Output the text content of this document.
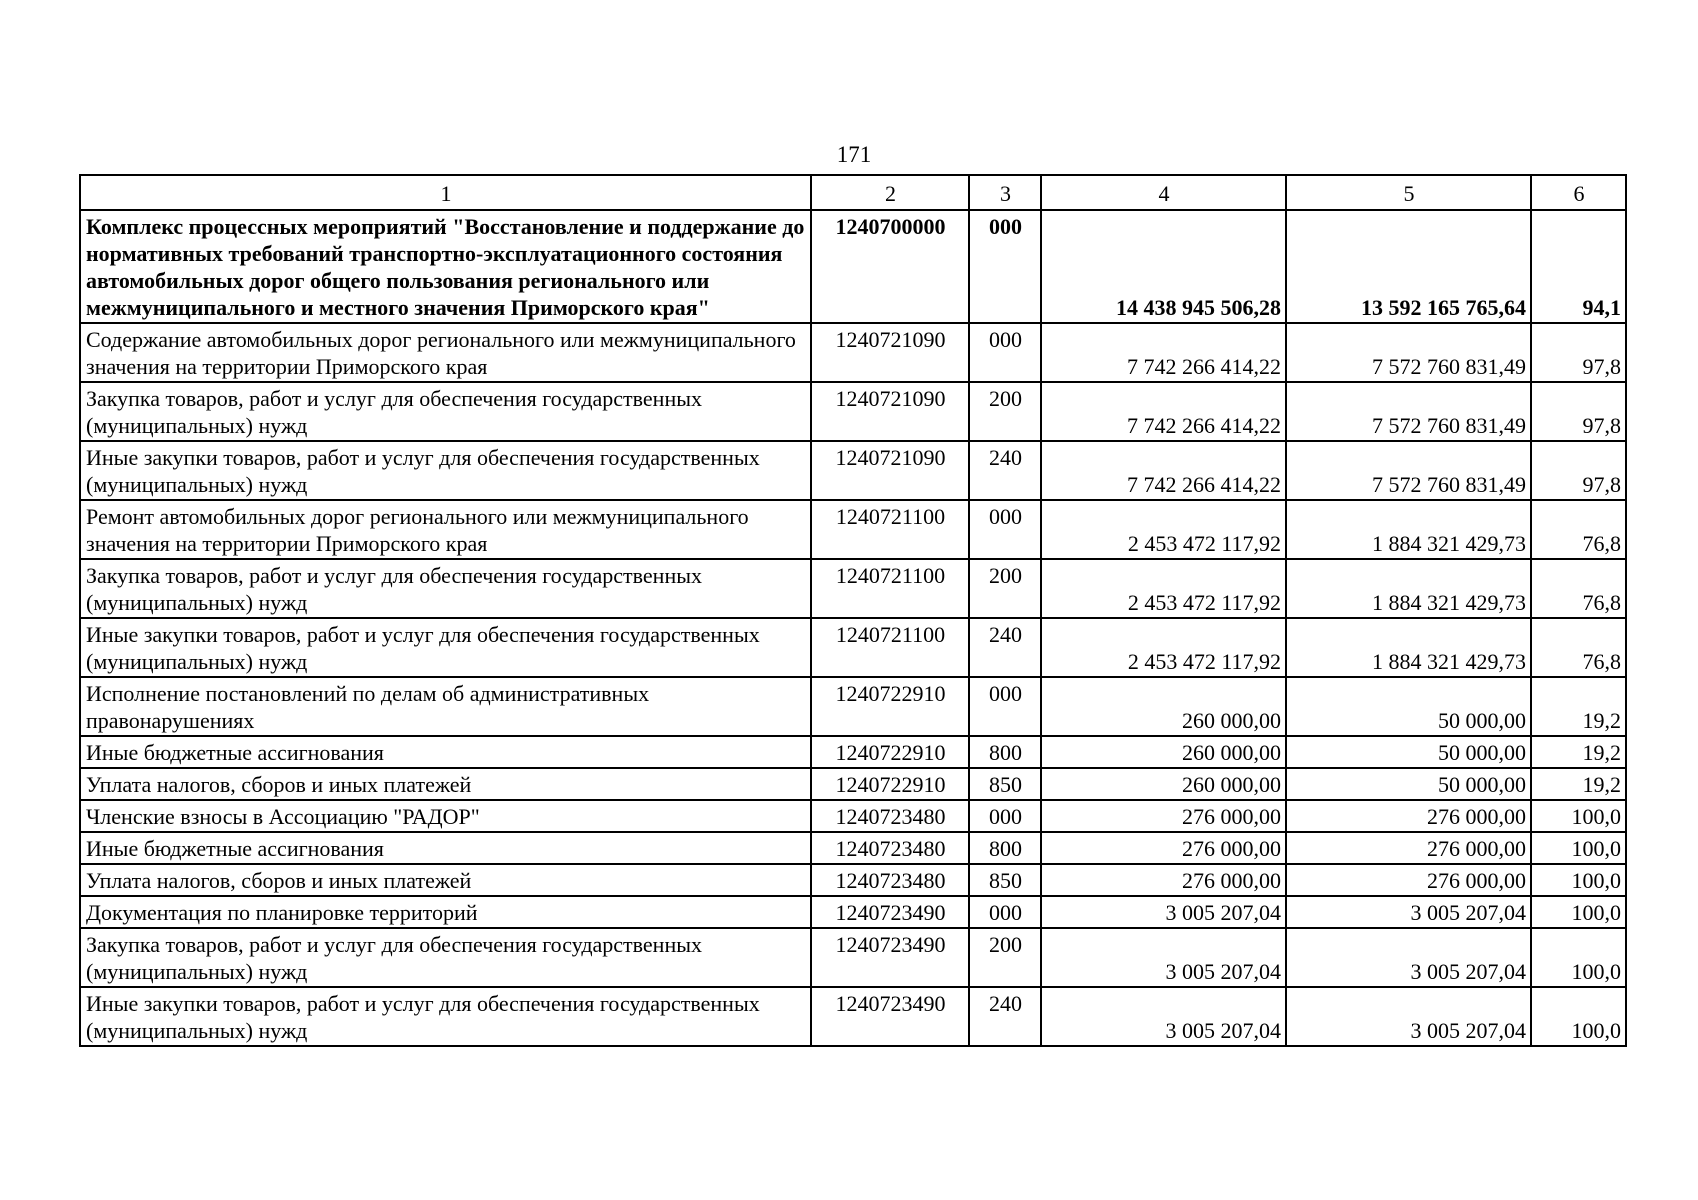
171
1	2	3	4	5	6
Комплекс процессных мероприятий "Восстановление и поддержание до нормативных требований транспортно-эксплуатационного состояния автомобильных дорог общего пользования регионального или межмуниципального и местного значения Приморского края"	1240700000	000	14 438 945 506,28	13 592 165 765,64	94,1
Содержание автомобильных дорог регионального или межмуниципального значения на территории Приморского края	1240721090	000	7 742 266 414,22	7 572 760 831,49	97,8
Закупка товаров, работ и услуг для обеспечения государственных (муниципальных) нужд	1240721090	200	7 742 266 414,22	7 572 760 831,49	97,8
Иные закупки товаров, работ и услуг для обеспечения государственных (муниципальных) нужд	1240721090	240	7 742 266 414,22	7 572 760 831,49	97,8
Ремонт автомобильных дорог регионального или межмуниципального значения на территории Приморского края	1240721100	000	2 453 472 117,92	1 884 321 429,73	76,8
Закупка товаров, работ и услуг для обеспечения государственных (муниципальных) нужд	1240721100	200	2 453 472 117,92	1 884 321 429,73	76,8
Иные закупки товаров, работ и услуг для обеспечения государственных (муниципальных) нужд	1240721100	240	2 453 472 117,92	1 884 321 429,73	76,8
Исполнение постановлений по делам об административных правонарушениях	1240722910	000	260 000,00	50 000,00	19,2
Иные бюджетные ассигнования	1240722910	800	260 000,00	50 000,00	19,2
Уплата налогов, сборов и иных платежей	1240722910	850	260 000,00	50 000,00	19,2
Членские взносы в Ассоциацию "РАДОР"	1240723480	000	276 000,00	276 000,00	100,0
Иные бюджетные ассигнования	1240723480	800	276 000,00	276 000,00	100,0
Уплата налогов, сборов и иных платежей	1240723480	850	276 000,00	276 000,00	100,0
Документация по планировке территорий	1240723490	000	3 005 207,04	3 005 207,04	100,0
Закупка товаров, работ и услуг для обеспечения государственных (муниципальных) нужд	1240723490	200	3 005 207,04	3 005 207,04	100,0
Иные закупки товаров, работ и услуг для обеспечения государственных (муниципальных) нужд	1240723490	240	3 005 207,04	3 005 207,04	100,0
